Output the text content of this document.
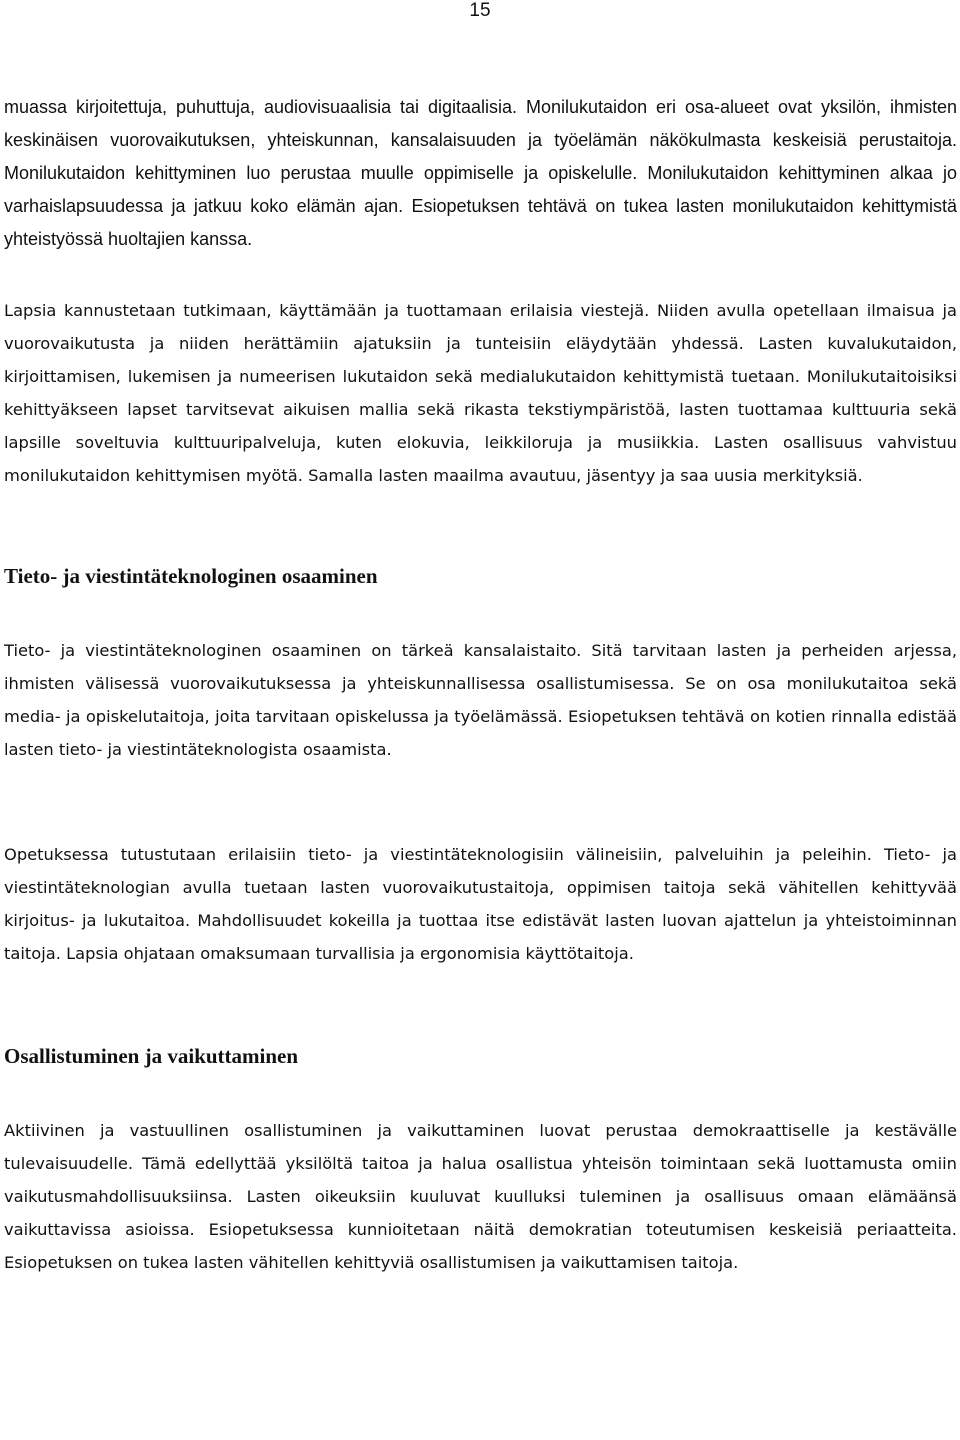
15

muassa kirjoitettuja, puhuttuja, audiovisuaalisia tai digitaalisia. Monilukutaidon eri osa-alueet ovat yksilön, ihmisten keskinäisen vuorovaikutuksen, yhteiskunnan, kansalaisuuden ja työelämän näkökulmasta keskeisiä perustaitoja. Monilukutaidon kehittyminen luo perustaa muulle oppimiselle ja opiskelulle. Monilukutaidon kehittyminen alkaa jo varhaislapsuudessa ja jatkuu koko elämän ajan. Esiopetuksen tehtävä on tukea lasten monilukutaidon kehittymistä yhteistyössä huoltajien kanssa.

Lapsia kannustetaan tutkimaan, käyttämään ja tuottamaan erilaisia viestejä. Niiden avulla opetellaan ilmaisua ja vuorovaikutusta ja niiden herättämiin ajatuksiin ja tunteisiin eläydytään yhdessä. Lasten kuvalukutaidon, kirjoittamisen, lukemisen ja numeerisen lukutaidon sekä medialukutaidon kehittymistä tuetaan. Monilukutaitoisiksi kehittyäkseen lapset tarvitsevat aikuisen mallia sekä rikasta tekstiympäristöä, lasten tuottamaa kulttuuria sekä lapsille soveltuvia kulttuuripalveluja, kuten elokuvia, leikkiloruja ja musiikkia. Lasten osallisuus vahvistuu monilukutaidon kehittymisen myötä. Samalla lasten maailma avautuu, jäsentyy ja saa uusia merkityksiä.

Tieto- ja viestintäteknologinen osaaminen

Tieto- ja viestintäteknologinen osaaminen on tärkeä kansalaistaito. Sitä tarvitaan lasten ja perheiden arjessa, ihmisten välisessä vuorovaikutuksessa ja yhteiskunnallisessa osallistumisessa. Se on osa monilukutaitoa sekä media- ja opiskelutaitoja, joita tarvitaan opiskelussa ja työelämässä. Esiopetuksen tehtävä on kotien rinnalla edistää lasten tieto- ja viestintäteknologista osaamista.

Opetuksessa tutustutaan erilaisiin tieto- ja viestintäteknologisiin välineisiin, palveluihin ja peleihin. Tieto- ja viestintäteknologian avulla tuetaan lasten vuorovaikutustaitoja, oppimisen taitoja sekä vähitellen kehittyvää kirjoitus- ja lukutaitoa. Mahdollisuudet kokeilla ja tuottaa itse edistävät lasten luovan ajattelun ja yhteistoiminnan taitoja. Lapsia ohjataan omaksumaan turvallisia ja ergonomisia käyttötaitoja.

Osallistuminen ja vaikuttaminen

Aktiivinen ja vastuullinen osallistuminen ja vaikuttaminen luovat perustaa demokraattiselle ja kestävälle tulevaisuudelle. Tämä edellyttää yksilöltä taitoa ja halua osallistua yhteisön toimintaan sekä luottamusta omiin vaikutusmahdollisuuksiinsa. Lasten oikeuksiin kuuluvat kuulluksi tuleminen ja osallisuus omaan elämäänsä vaikuttavissa asioissa. Esiopetuksessa kunnioitetaan näitä demokratian toteutumisen keskeisiä periaatteita. Esiopetuksen on tukea lasten vähitellen kehittyviä osallistumisen ja vaikuttamisen taitoja.
